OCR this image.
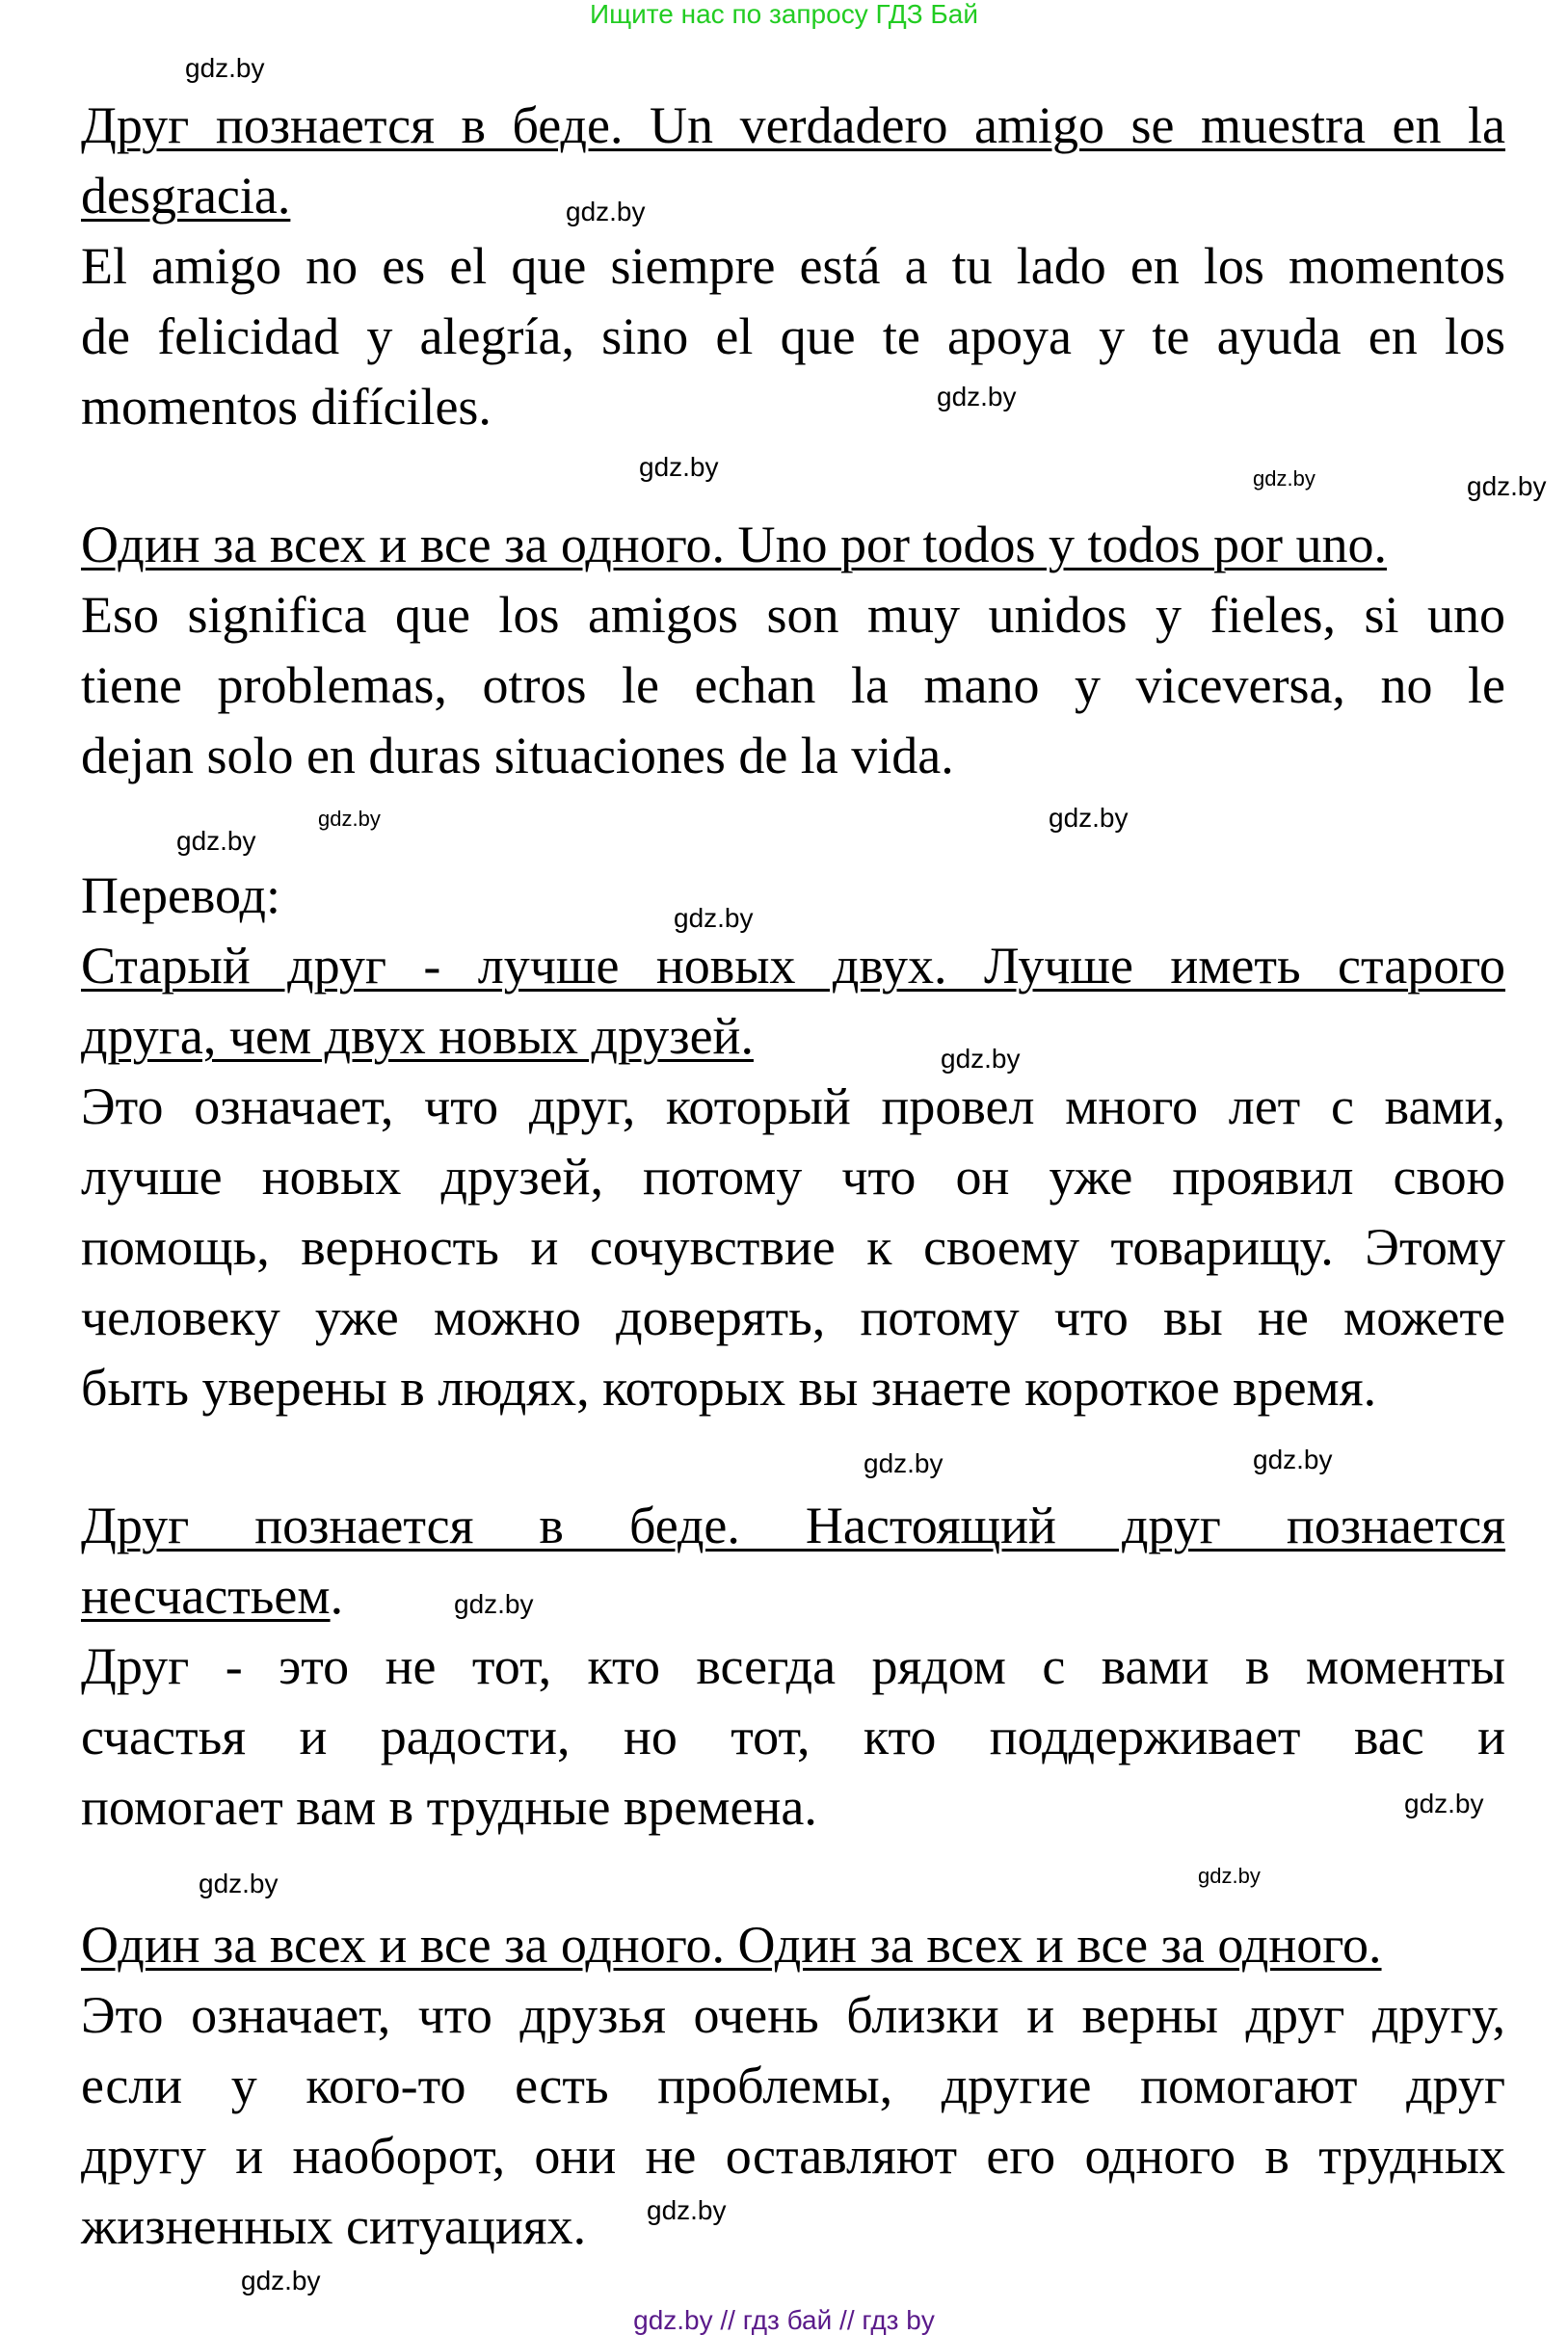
Ищите нас по запросу ГДЗ Бай
Друг познается в беде. Un verdadero amigo se muestra en la
desgracia.
El amigo no es el que siempre está a tu lado en los momentos
de felicidad y alegría, sino el que te apoya y te ayuda en los
momentos difíciles.
Один за всех и все за одного. Uno por todos y todos por uno.
Eso significa que los amigos son muy unidos y fieles, si uno
tiene problemas, otros le echan la mano y viceversa, no le
dejan solo en duras situaciones de la vida.
Перевод:
Старый друг - лучше новых двух. Лучше иметь старого
друга, чем двух новых друзей.
Это означает, что друг, который провел много лет с вами,
лучше новых друзей, потому что он уже проявил свою
помощь, верность и сочувствие к своему товарищу. Этому
человеку уже можно доверять, потому что вы не можете
быть уверены в людях, которых вы знаете короткое время.
Друг познается в беде. Настоящий друг познается
несчастьем.
Друг - это не тот, кто всегда рядом с вами в моменты
счастья и радости, но тот, кто поддерживает вас и
помогает вам в трудные времена.
Один за всех и все за одного. Один за всех и все за одного.
Это означает, что друзья очень близки и верны друг другу,
если у кого-то есть проблемы, другие помогают друг
другу и наоборот, они не оставляют его одного в трудных
жизненных ситуациях.
gdz.by
gdz.by
gdz.by
gdz.by
gdz.by
gdz.by
gdz.by
gdz.by
gdz.by
gdz.by
gdz.by
gdz.by
gdz.by
gdz.by
gdz.by
gdz.by	gdz.by
gdz.by
gdz.by
gdz.by // гдз бай // гдз by
